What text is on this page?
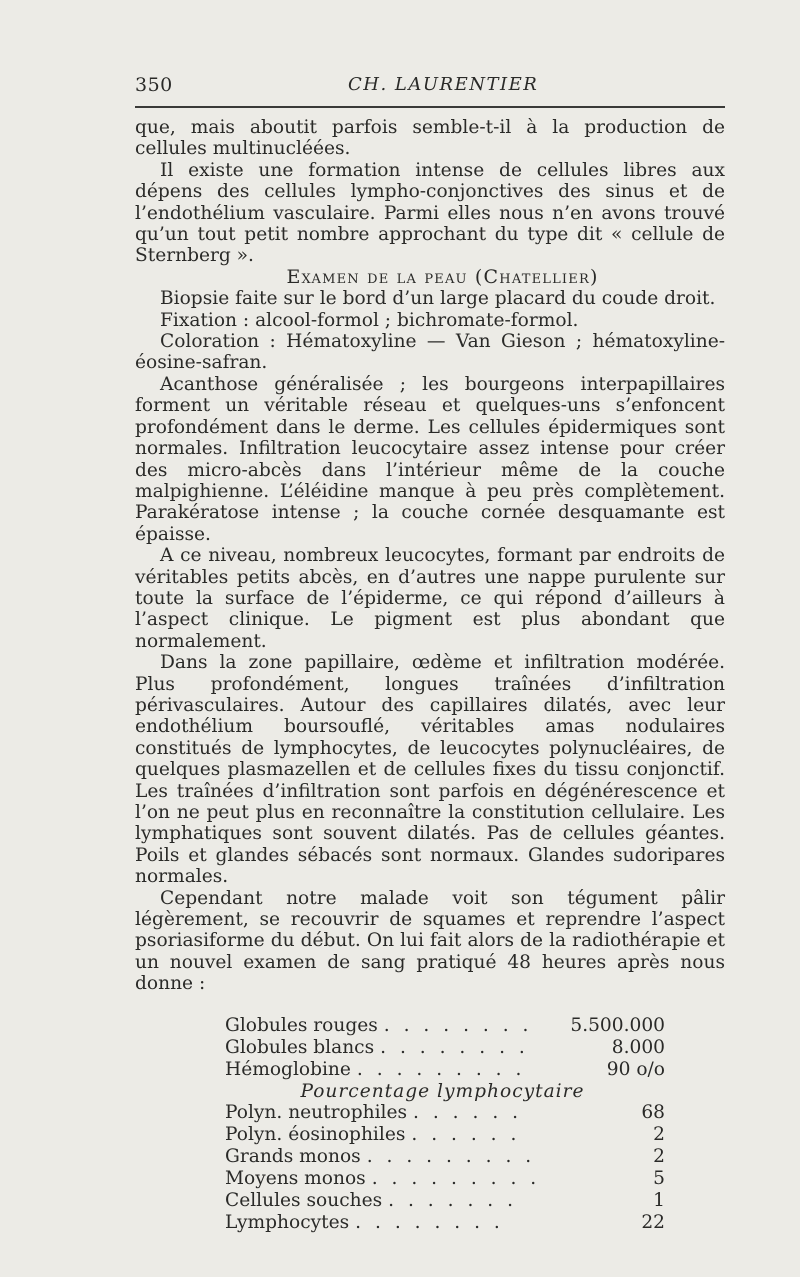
350	CH. LAURENTIER

que, mais aboutit parfois semble-t-il à la production de cellules multinucléées.

Il existe une formation intense de cellules libres aux dépens des cellules lympho-conjonctives des sinus et de l’endothélium vasculaire. Parmi elles nous n’en avons trouvé qu’un tout petit nombre approchant du type dit « cellule de Sternberg ».

Examen de la peau (Chatellier)

Biopsie faite sur le bord d’un large placard du coude droit.

Fixation : alcool-formol ; bichromate-formol.

Coloration : Hématoxyline — Van Gieson ; hématoxyline-éosine-safran.

Acanthose généralisée ; les bourgeons interpapillaires forment un véritable réseau et quelques-uns s’enfoncent profondément dans le derme. Les cellules épidermiques sont normales. Infiltration leucocytaire assez intense pour créer des micro-abcès dans l’intérieur même de la couche malpighienne. L’éléidine manque à peu près complètement. Parakératose intense ; la couche cornée desquamante est épaisse.

A ce niveau, nombreux leucocytes, formant par endroits de véritables petits abcès, en d’autres une nappe purulente sur toute la surface de l’épiderme, ce qui répond d’ailleurs à l’aspect clinique. Le pigment est plus abondant que normalement.

Dans la zone papillaire, œdème et infiltration modérée. Plus profondément, longues traînées d’infiltration périvasculaires. Autour des capillaires dilatés, avec leur endothélium boursouflé, véritables amas nodulaires constitués de lymphocytes, de leucocytes polynucléaires, de quelques plasmazellen et de cellules fixes du tissu conjonctif. Les traînées d’infiltration sont parfois en dégénérescence et l’on ne peut plus en reconnaître la constitution cellulaire. Les lymphatiques sont souvent dilatés. Pas de cellules géantes. Poils et glandes sébacés sont normaux. Glandes sudoripares normales.

Cependant notre malade voit son tégument pâlir légèrement, se recouvrir de squames et reprendre l’aspect psoriasiforme du début. On lui fait alors de la radiothérapie et un nouvel examen de sang pratiqué 48 heures après nous donne :

Globules rouges . . . . . . . .	5.500.000
Globules blancs . . . . . . . .	8.000
Hémoglobine . . . . . . . . .	90 o/o

Pourcentage lymphocytaire

Polyn. neutrophiles . . . . . .	68
Polyn. éosinophiles . . . . . .	2
Grands monos . . . . . . . . .	2
Moyens monos . . . . . . . . .	5
Cellules souches . . . . . . .	1
Lymphocytes . . . . . . . .	22
